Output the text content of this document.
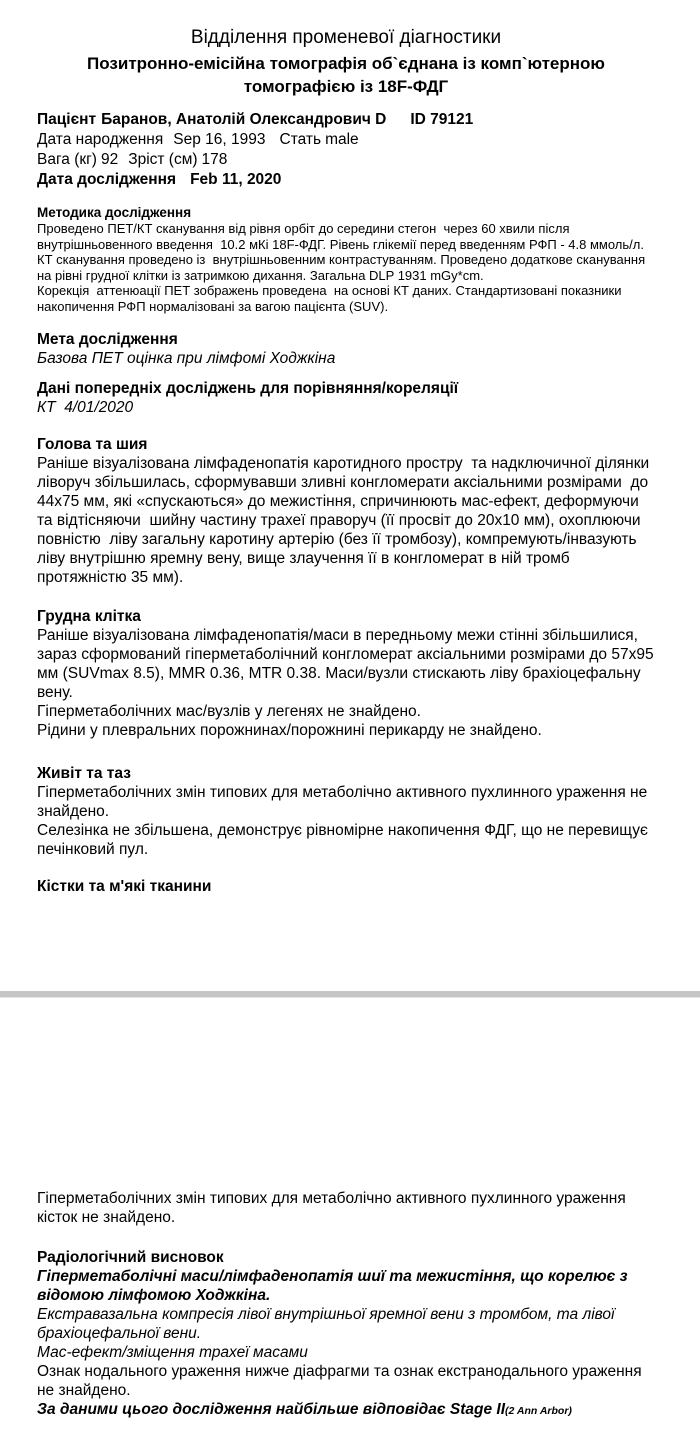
Відділення променевої діагностики
Позитронно-емісійна томографія об`єднана із комп`ютерною томографією із 18F-ФДГ

Пацієнт Баранов, Анатолій Олександрович D ID 79121

Дата народження Sep 16, 1993 Стать male

Вага (кг) 92 Зріст (см) 178

Дата дослідження Feb 11, 2020

Методика дослідження

Проведено ПЕТ/КТ сканування від рівня орбіт до середини стегон  через 60 хвили після внутрішньовенного введення  10.2 мКі 18F-ФДГ. Рівень глікемії перед введенням РФП - 4.8 ммоль/л.

КТ сканування проведено із  внутрішньовенним контрастуванням. Проведено додаткове сканування на рівні грудної клітки із затримкою дихання. Загальна DLP 1931 mGy*cm.

Корекція  аттенюації ПЕТ зображень проведена  на основі КТ даних. Стандартизовані показники накопичення РФП нормалізовані за вагою пацієнта (SUV).

Мета дослідження

Базова ПЕТ оцінка при лімфомі Ходжкіна

Дані попередніх досліджень для порівняння/кореляції

КТ  4/01/2020

Голова та шия

Раніше візуалізована лімфаденопатія каротидного простру  та надключичної ділянки ліворуч збільшилась, сформувавши зливні конгломерати аксіальними розмірами  до 44х75 мм, які «спускаються» до межистіння, спричинюють мас-ефект, деформуючи та відтісняючи  шийну частину трахеї праворуч (її просвіт до 20х10 мм), охоплюючи повністю  ліву загальну каротину артерію (без її тромбозу), компремують/інвазують ліву внутрішню яремну вену, вище злаучення її в конгломерат в ній тромб протяжністю 35 мм).

Грудна клітка

Раніше візуалізована лімфаденопатія/маси в передньому межи стінні збільшилися, зараз сформований гіперметаболічний конгломерат аксіальними розмірами до 57х95 мм (SUVmax 8.5), MMR 0.36, MTR 0.38. Маси/вузли стискають ліву брахіоцефальну вену.

Гіперметаболічних мас/вузлів у легенях не знайдено.

Рідини у плевральних порожнинах/порожнині перикарду не знайдено.

Живіт та таз

Гіперметаболічних змін типових для метаболічно активного пухлинного ураження не знайдено.

Селезінка не збільшена, демонструє рівномірне накопичення ФДГ, що не перевищує печінковий пул.

Кістки та м'які тканини

Гіперметаболічних змін типових для метаболічно активного пухлинного ураження кісток не знайдено.

Радіологічний висновок

Гіперметаболічні маси/лімфаденопатія шиї та межистіння, що корелює з відомою лімфомою Ходжкіна.

Екстравазальна компресія лівої внутрішньої яремної вени з тромбом, та лівої брахіоцефальної вени.

Мас-ефект/зміщення трахеї масами

Ознак нодального ураження нижче діафрагми та ознак екстранодального ураження не знайдено.

За даними цього дослідження найбільше відповідає Stage II(2 Ann Arbor)
